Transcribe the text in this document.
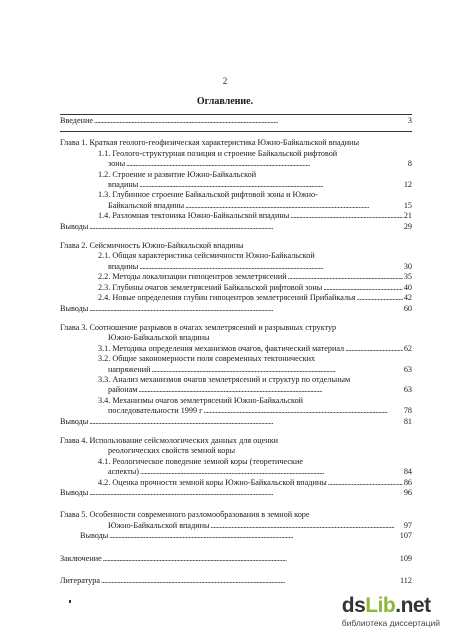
2
Оглавление.
Введение . . .	3
Глава 1. Краткая геолого-геофизическая характеристика Южно-Байкальской впадины
1.1. Геолого-структурная позиция и строение Байкальской рифтовой
зоны . . .	8
1.2. Строение и развитие Южно-Байкальской
впадины . . .	12
1.3. Глубинное строение Байкальской рифтовой зоны и Южно-
Байкальской впадины . . .	15
1.4. Разломная тектоника Южно-Байкальской впадины . . .	21
Выводы . . .	29
Глава 2. Сейсмичность Южно-Байкальской впадины
2.1. Общая характеристика сейсмичности Южно-Байкальской
впадины . . .	30
2.2. Методы локализации гипоцентров землетрясений . . .	35
2.3. Глубины очагов землетрясений Байкальской рифтовой зоны . . .	40
2.4. Новые определения глубин гипоцентров землетрясений Прибайкалья . . .	42
Выводы . . .	60
Глава 3. Соотношение разрывов в очагах землетрясений и разрывных структур
Южно-Байкальской впадины
3.1. Методика определения механизмов очагов, фактический материал . . .	62
3.2. Общие закономерности поля современных тектонических
напряжений . . .	63
3.3. Анализ механизмов очагов землетрясений и структур по отдельным
районам . . .	63
3.4. Механизмы очагов землетрясений Южно-Байкальской
последовательности 1999 г . . .	78
Выводы . . .	81
Глава 4. Использование сейсмологических данных для оценки
реологических свойств земной коры
4.1. Реологическое поведение земной коры (теоретические
аспекты) . . .	84
4.2. Оценка прочности земной коры Южно-Байкальской впадины . . .	86
Выводы . . .	96
Глава 5. Особенности современного разломообразования в земной коре
Южно-Байкальской впадины . . .	97
Выводы . . .	107
Заключение . . .	109
Литература . . .	112
dsLib.net
библиотека диссертаций
